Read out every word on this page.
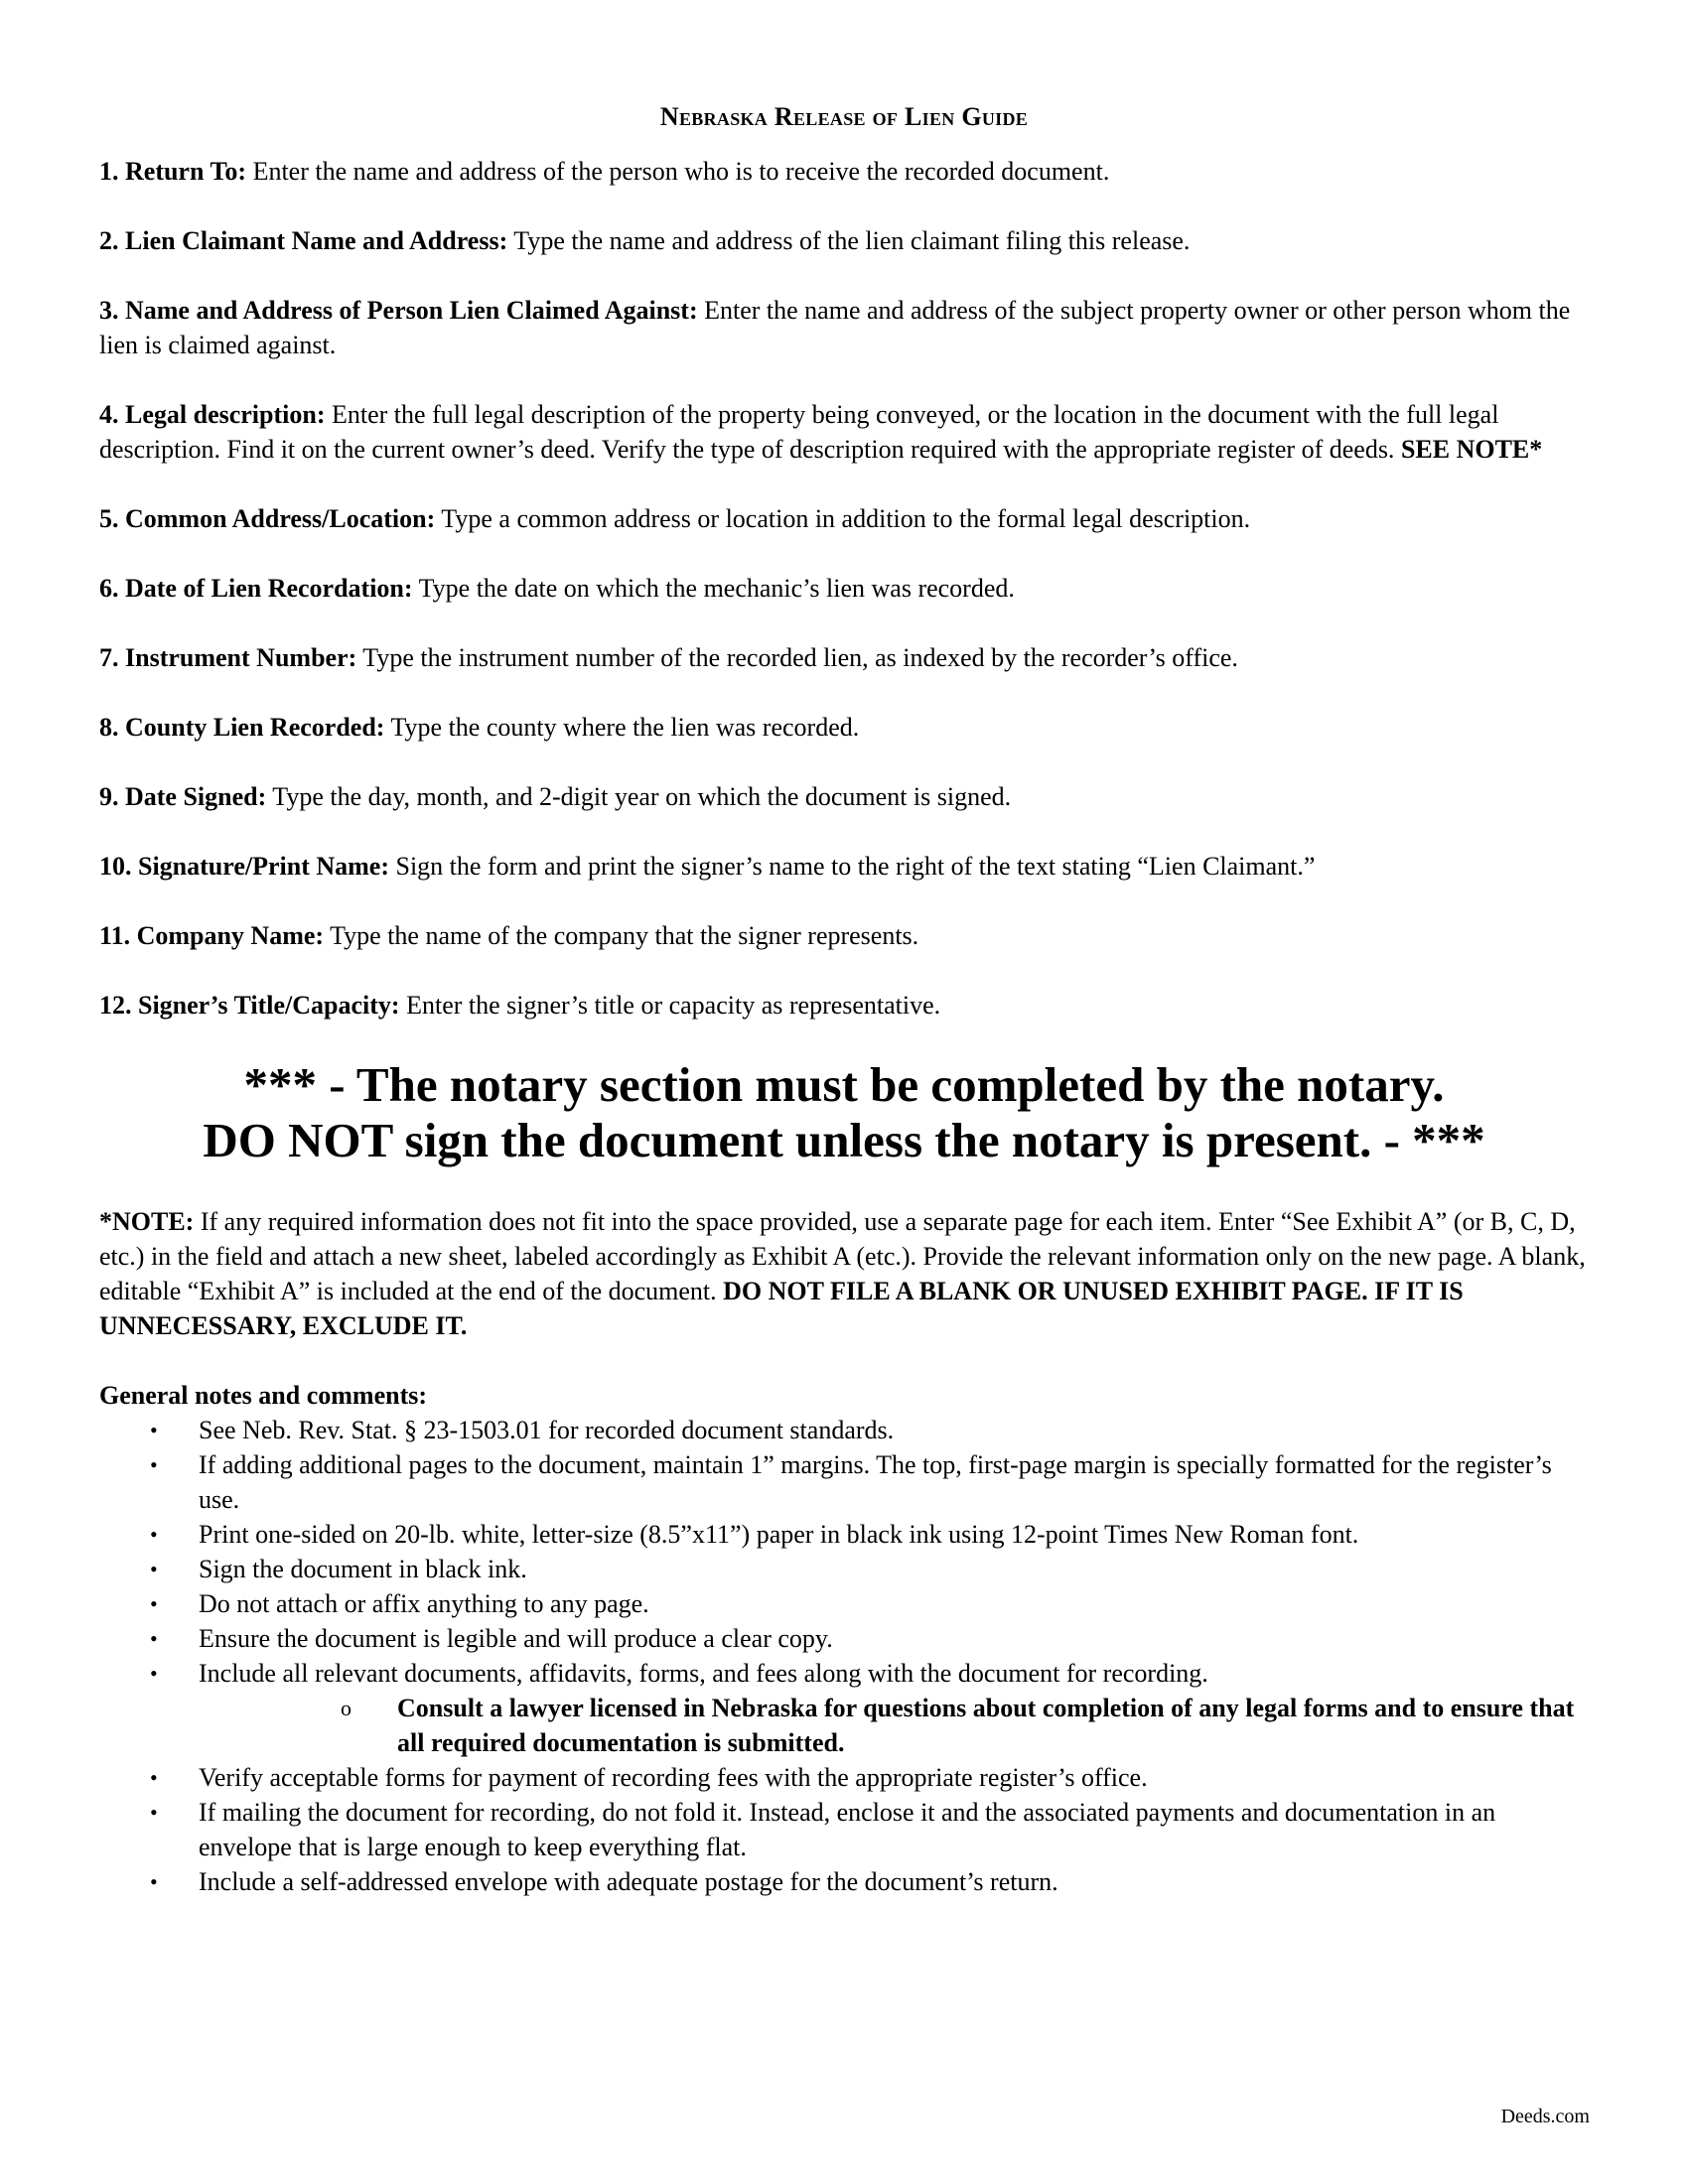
Nebraska Release of Lien Guide
1. Return To: Enter the name and address of the person who is to receive the recorded document.
2. Lien Claimant Name and Address: Type the name and address of the lien claimant filing this release.
3. Name and Address of Person Lien Claimed Against: Enter the name and address of the subject property owner or other person whom the lien is claimed against.
4. Legal description: Enter the full legal description of the property being conveyed, or the location in the document with the full legal description. Find it on the current owner’s deed. Verify the type of description required with the appropriate register of deeds. SEE NOTE*
5. Common Address/Location: Type a common address or location in addition to the formal legal description.
6. Date of Lien Recordation: Type the date on which the mechanic’s lien was recorded.
7. Instrument Number: Type the instrument number of the recorded lien, as indexed by the recorder’s office.
8. County Lien Recorded: Type the county where the lien was recorded.
9. Date Signed: Type the day, month, and 2-digit year on which the document is signed.
10. Signature/Print Name: Sign the form and print the signer’s name to the right of the text stating “Lien Claimant.”
11. Company Name: Type the name of the company that the signer represents.
12. Signer’s Title/Capacity: Enter the signer’s title or capacity as representative.
*** - The notary section must be completed by the notary.
DO NOT sign the document unless the notary is present. - ***
*NOTE: If any required information does not fit into the space provided, use a separate page for each item. Enter “See Exhibit A” (or B, C, D, etc.) in the field and attach a new sheet, labeled accordingly as Exhibit A (etc.). Provide the relevant information only on the new page. A blank, editable “Exhibit A” is included at the end of the document. DO NOT FILE A BLANK OR UNUSED EXHIBIT PAGE. IF IT IS UNNECESSARY, EXCLUDE IT.
General notes and comments:
• See Neb. Rev. Stat. § 23-1503.01 for recorded document standards.
• If adding additional pages to the document, maintain 1” margins. The top, first-page margin is specially formatted for the register’s use.
• Print one-sided on 20-lb. white, letter-size (8.5”x11”) paper in black ink using 12-point Times New Roman font.
• Sign the document in black ink.
• Do not attach or affix anything to any page.
• Ensure the document is legible and will produce a clear copy.
• Include all relevant documents, affidavits, forms, and fees along with the document for recording.
o Consult a lawyer licensed in Nebraska for questions about completion of any legal forms and to ensure that all required documentation is submitted.
• Verify acceptable forms for payment of recording fees with the appropriate register’s office.
• If mailing the document for recording, do not fold it. Instead, enclose it and the associated payments and documentation in an envelope that is large enough to keep everything flat.
• Include a self-addressed envelope with adequate postage for the document’s return.
Deeds.com
